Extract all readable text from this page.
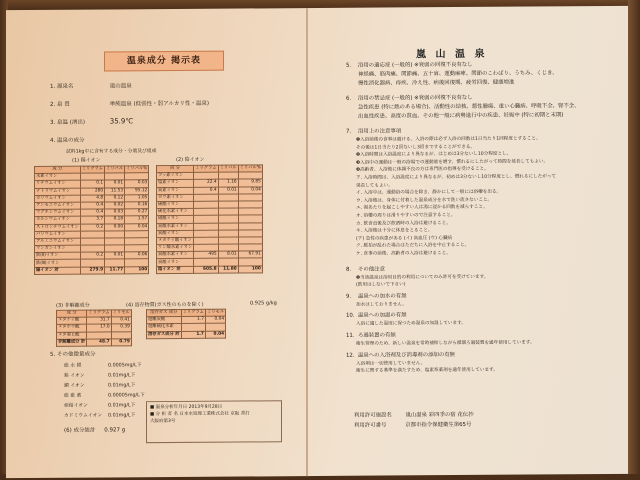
温泉成分 掲示表
1. 源泉名	嵐山温泉
2. 泉 質	単純温泉 (低張性・弱アルカリ性・温泉)
3. 泉温 (湧出)	35.9℃
4. 温泉の成分
試料1kg中に含有する成分・分量及び組成
(1) 陽イオン	(2) 陰イオン
成 分	ミリグラム	ミリバル	ミリバル%
水素イオン			
リチウムイオン	0.1	0.01	0.03
ナトリウムイオン	280	11.53	95.12
カリウムイオン	4.8	0.12	1.05
アンモニウムイオン	0.4	0.02	0.16
マグネシウムイオン	0.4	0.03	0.27
カルシウムイオン	3.7	0.18	1.57
ストロンチウムイオン	0.2	0.00	0.04
バリウムイオン			
アルミニウムイオン			
マンガンイオン			
鉄(Ⅱ)イオン	0.2	0.01	0.06
鉄(Ⅲ)イオン			
陽イオン 計	279.9	11.77	100
成 分	ミリグラム	ミリバル	ミリバル%
フッ素イオン			
塩素イオン	22.4	1.16	9.85
臭素イオン	0.4	0.01	0.04
ヨウ素イオン			
硫酸イオン			
硫化水素イオン			
硝酸イオン			
炭酸水素イオン			
炭酸イオン			
メタケイ酸イオン			
リン酸水素イオン			
炭酸水素イオン	495	8.01	67.91
炭酸イオン			
陰イオン 計	605.8	11.80	100
(3) 非解離成分	(4) 溶存物質(ガス性のものを除く)	0.925 g/kg
成 分	ミリグラム	ミリモル
メタケイ酸	31.7	0.41
メタホウ酸	17.0	0.39
メタ亜ヒ酸		
非解離成分 計	48.7	0.79
溶存ガス 成分	ミリグラム	ミリモル
遊離炭酸	1.7	0.04
遊離硫化水素		
溶存ガス成分 計	1.7	0.04
5. その他微量成分
総 水 銀	0.0005mg/L下
鉛 イオン	0.01mg/L下
銅 イオン	0.01mg/L下
総 砒 素	0.00005mg/L下
亜鉛イオン	0.01mg/L下
カドミウムイオン 0.01mg/L下
(6) 成分総計 0.927 g
■ 温泉分析年月日 2013年9月28日
■ 分 析 者 名 日本水処理工業株式会社 京阪 香打
大阪府第3号
嵐 山 温 泉
5. 浴用の適応症 (一般的) ※衰弱の回復不良有なし
神経痛、筋肉痛、関節痛、五十肩、運動麻痺、関節のこわばり、うちみ、くじき、
慢性消化器病、痔疾、冷え性、病後回復期、疲労回復、健康増進
6. 浴用の禁忌症 (一般的) ※衰弱の回復不良有なし
急性疾患 (特に熱のある場合)、活動性の結核、悪性腫瘍、重い心臓病、呼吸不全、腎不全、
出血性疾患、高度の貧血、その他一般に病勢進行中の疾患、妊娠中 (特に初期と末期)
7. 浴用上の注意事項
❶入浴前後の食事は避ける。入浴の際は必ず入浴の回数は1日当たり1回程度とすること。
その後は1日当たり2回ないし3回まですることができる。
❷入浴時間は入浴温度により異なるが、はじめは3分ないし10分程度とし、
❸入浴中の運動は一般の浴場での運動量を増す。慣れるにしたがって時間を延長してもよい。
❹高齢者、入浴後に体調不良の方は専門医の指導を受けること。
ア. 入浴時間は、入浴温度により異なるが、初めは3分ないし10分程度とし、慣れるにしたがって
延長してもよい。
イ. 入浴中は、運動浴の場合を除き、静かにして一般には浴槽を出る。
ウ. 入浴後は、身体に付着した温泉成分を水で洗い流さないこと。
エ. 湯あたりを起こしやすい人は湯に浸かる回数を減らすこと。
オ. 浴槽の周りは滑りやすいので注意すること。
カ. 飲食直後及び飲酒時の入浴は避けること。
キ. 入浴後は十分に休息をとること。
(ア) 急性の疾患がある (イ) 高血圧 (ウ) 心臓病
ク. 脈拍が乱れた場合はただちに入浴を中止すること。
ケ. 食事の前後、高齢者の入浴は避けること。
8. その他注意
❶当該温泉は浴用目的の利用についてのみ許可を受けています。
(飲用はしないで下さい)
9. 温泉への加水の有無
加水はしておりません。
10. 温泉への加温の有無
入浴に適した温度に保つため温泉の加温しています。
11. ろ過装置の有無
衛生管理のため、新しい温泉を常時補給しながら循環ろ過装置を通年使用しています。
12. 温泉への入浴剤及び消毒剤の添加の有無
入浴剤は一切使用していません。
衛生に関する基準を満たすため、塩素系薬剤を通年使用しています。
利用許可施設名	嵐山温泉 彩四季の宿 花伝抄
利用許可番号	京都市指令保健衛生第65号
